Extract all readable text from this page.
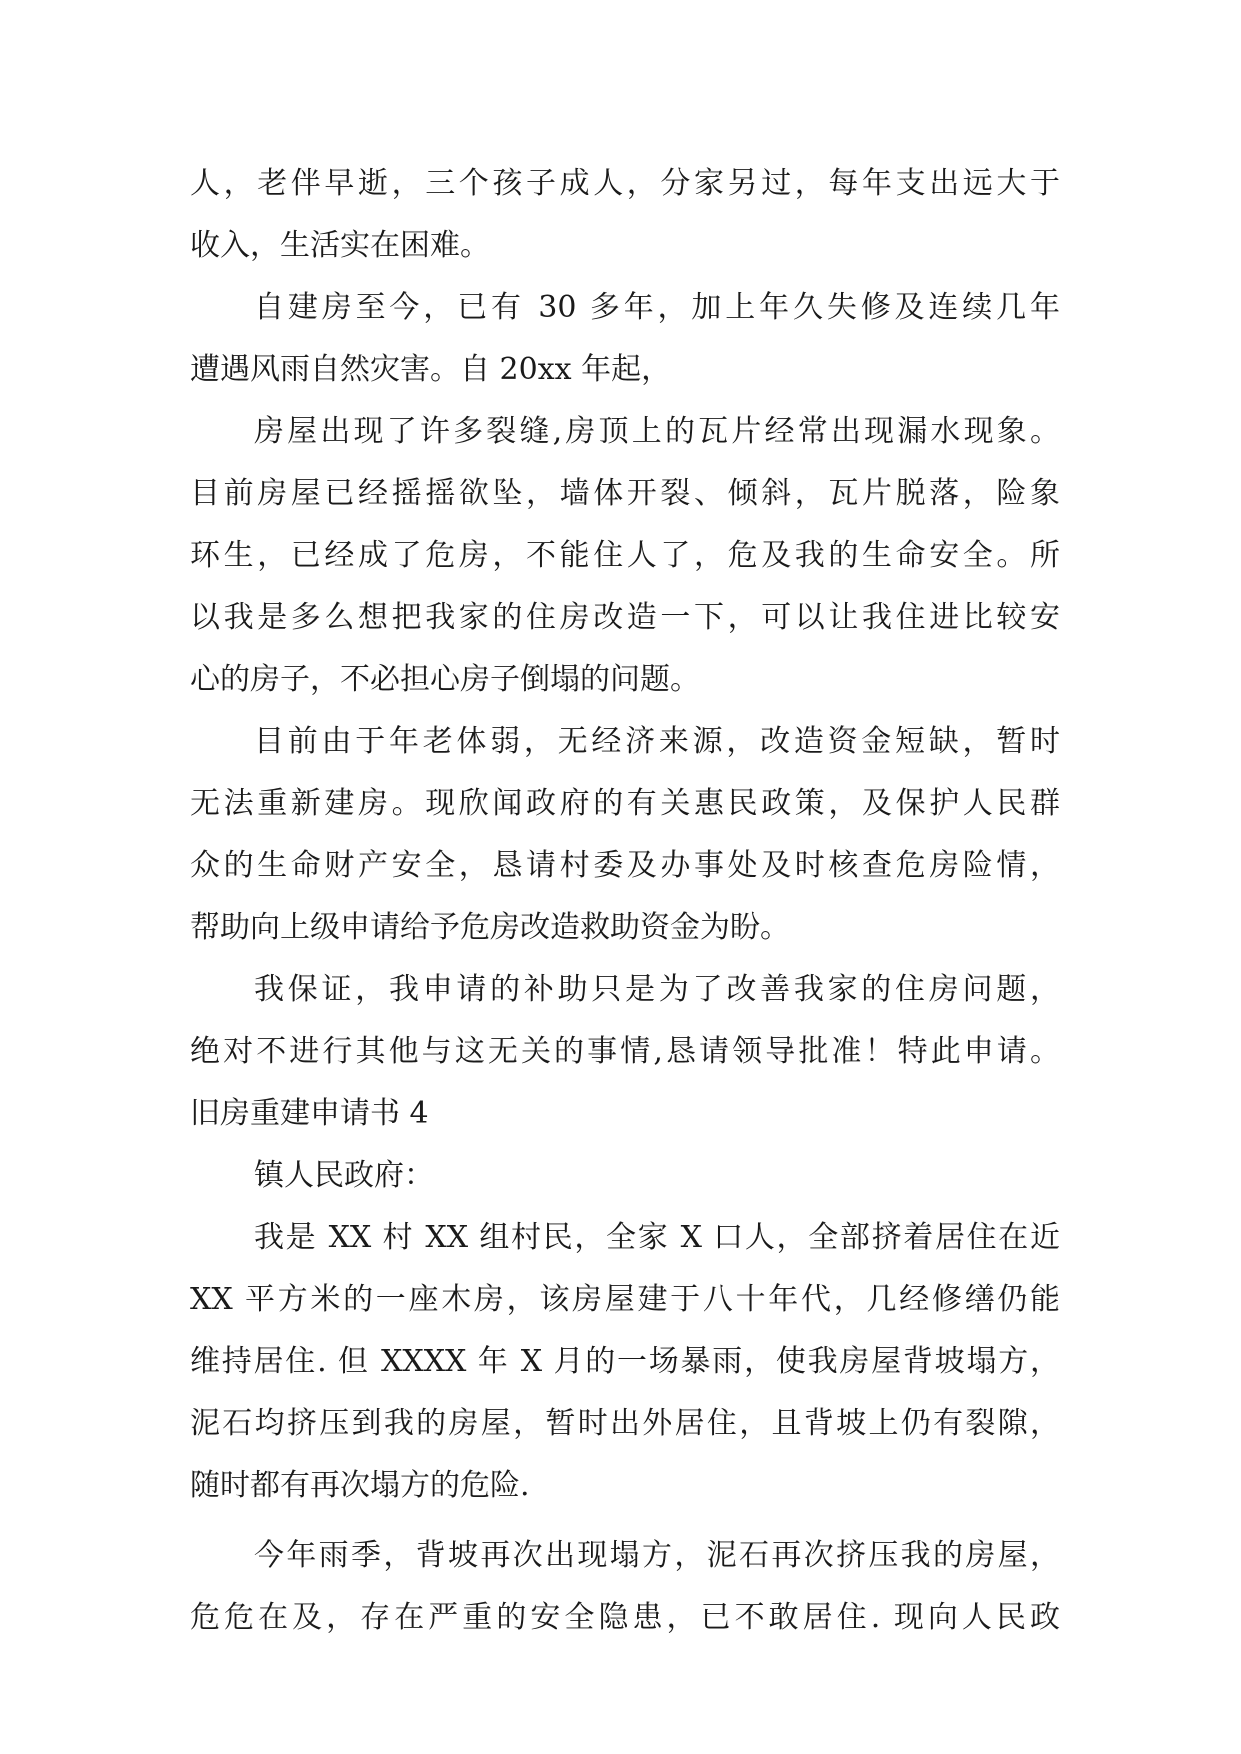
人，老伴早逝，三个孩子成人，分家另过，每年支出远大于
收入，生活实在困难。
自建房至今，已有 30 多年，加上年久失修及连续几年
遭遇风雨自然灾害。自 20xx 年起，
房屋出现了许多裂缝,房顶上的瓦片经常出现漏水现象。
目前房屋已经摇摇欲坠，墙体开裂、倾斜，瓦片脱落，险象
环生，已经成了危房，不能住人了，危及我的生命安全。所
以我是多么想把我家的住房改造一下，可以让我住进比较安
心的房子，不必担心房子倒塌的问题。
目前由于年老体弱，无经济来源，改造资金短缺，暂时
无法重新建房。现欣闻政府的有关惠民政策，及保护人民群
众的生命财产安全，恳请村委及办事处及时核查危房险情，
帮助向上级申请给予危房改造救助资金为盼。
我保证，我申请的补助只是为了改善我家的住房问题，
绝对不进行其他与这无关的事情,恳请领导批准！特此申请。
旧房重建申请书 4
镇人民政府：
我是 XX 村 XX 组村民，全家 X 口人，全部挤着居住在近
XX 平方米的一座木房，该房屋建于八十年代，几经修缮仍能
维持居住. 但 XXXX 年 X 月的一场暴雨，使我房屋背坡塌方，
泥石均挤压到我的房屋，暂时出外居住，且背坡上仍有裂隙，
随时都有再次塌方的危险.
今年雨季，背坡再次出现塌方，泥石再次挤压我的房屋，
危危在及，存在严重的安全隐患，已不敢居住. 现向人民政
